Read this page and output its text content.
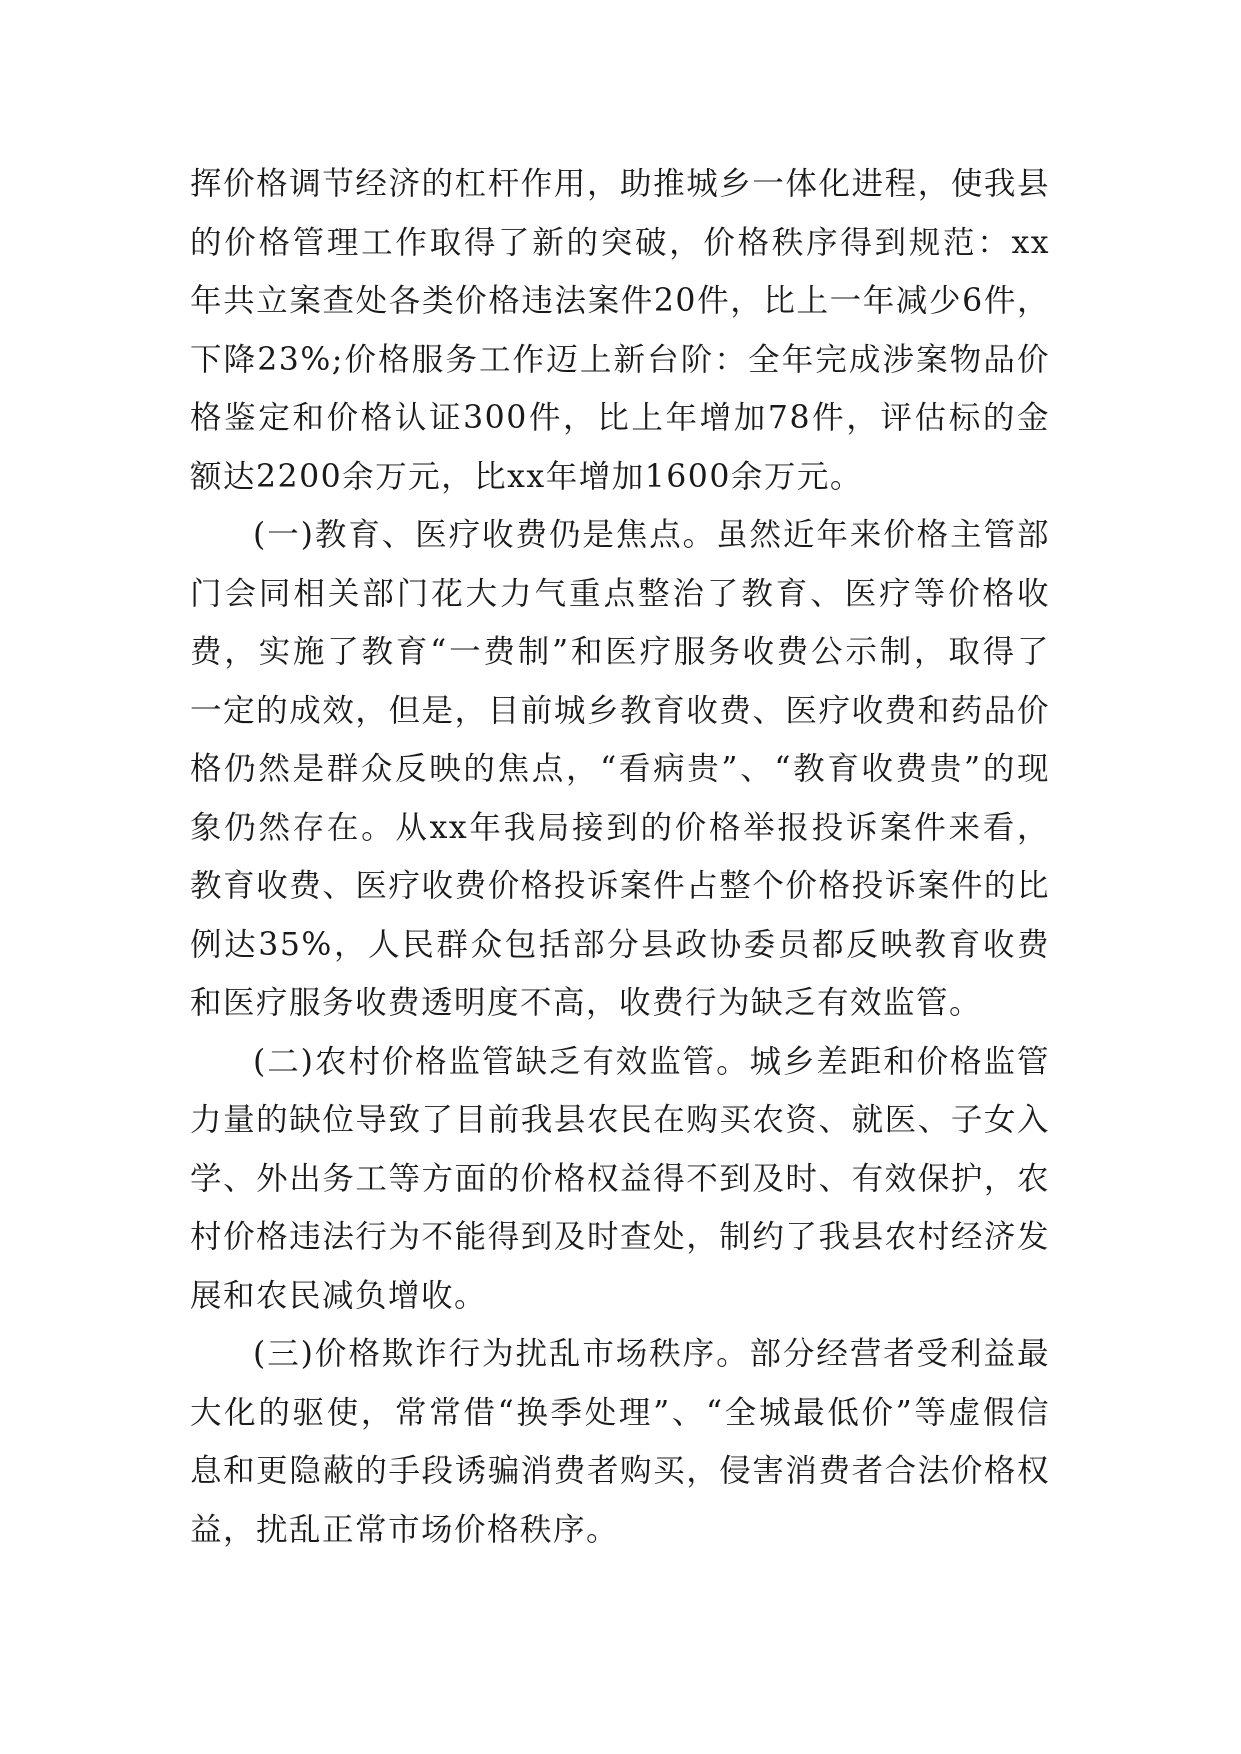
挥价格调节经济的杠杆作用，助推城乡一体化进程，使我县的价格管理工作取得了新的突破，价格秩序得到规范：xx年共立案查处各类价格违法案件20件，比上一年减少6件，下降23%;价格服务工作迈上新台阶：全年完成涉案物品价格鉴定和价格认证300件，比上年增加78件，评估标的金额达2200余万元，比xx年增加1600余万元。

(一)教育、医疗收费仍是焦点。虽然近年来价格主管部门会同相关部门花大力气重点整治了教育、医疗等价格收费，实施了教育“一费制”和医疗服务收费公示制，取得了一定的成效，但是，目前城乡教育收费、医疗收费和药品价格仍然是群众反映的焦点，“看病贵”、“教育收费贵”的现象仍然存在。从xx年我局接到的价格举报投诉案件来看，教育收费、医疗收费价格投诉案件占整个价格投诉案件的比例达35%，人民群众包括部分县政协委员都反映教育收费和医疗服务收费透明度不高，收费行为缺乏有效监管。

(二)农村价格监管缺乏有效监管。城乡差距和价格监管力量的缺位导致了目前我县农民在购买农资、就医、子女入学、外出务工等方面的价格权益得不到及时、有效保护，农村价格违法行为不能得到及时查处，制约了我县农村经济发展和农民减负增收。

(三)价格欺诈行为扰乱市场秩序。部分经营者受利益最大化的驱使，常常借“换季处理”、“全城最低价”等虚假信息和更隐蔽的手段诱骗消费者购买，侵害消费者合法价格权益，扰乱正常市场价格秩序。
